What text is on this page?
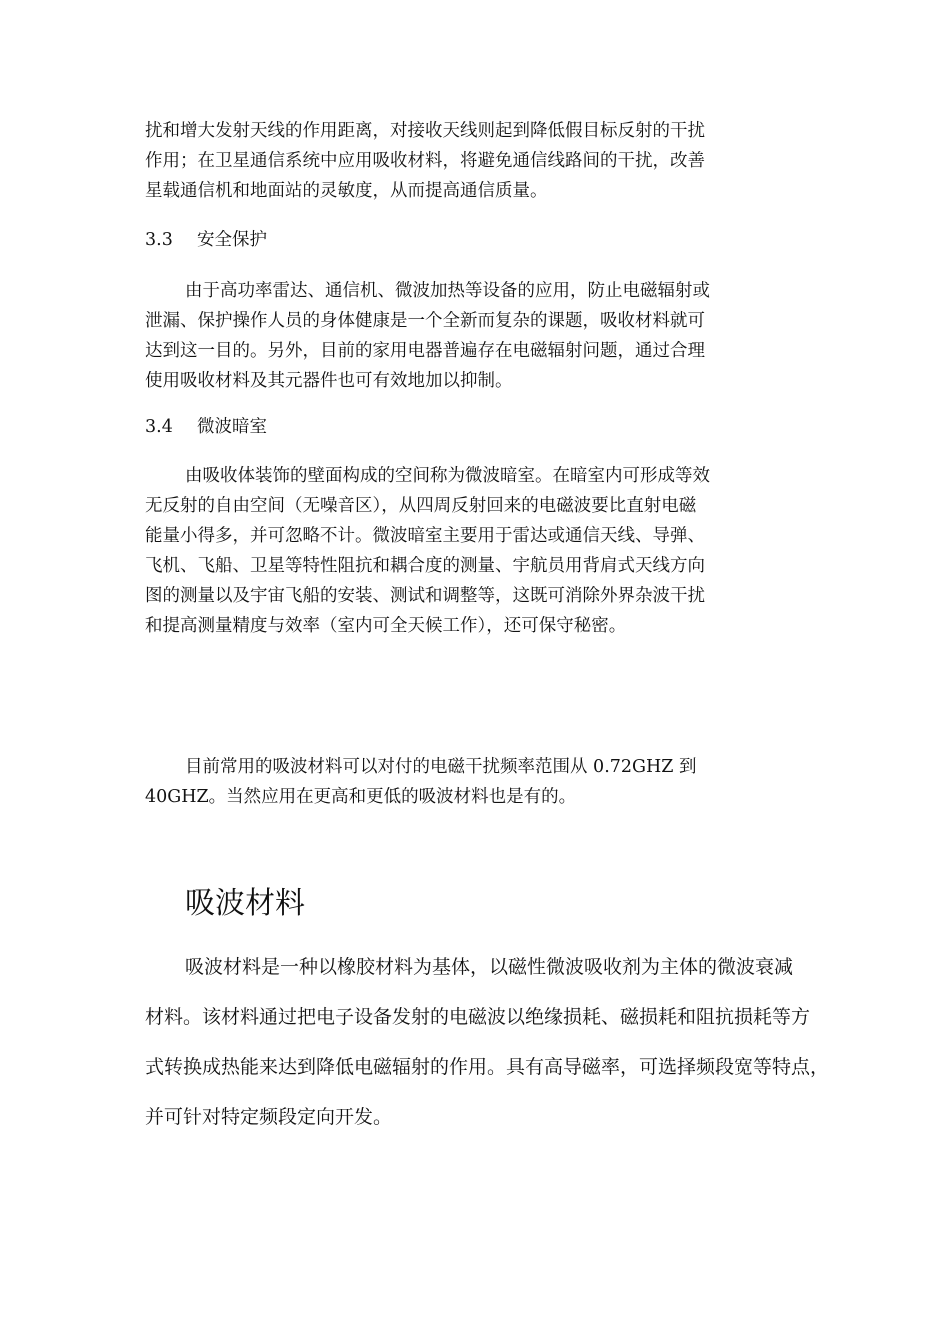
扰和增大发射天线的作用距离，对接收天线则起到降低假目标反射的干扰
作用；在卫星通信系统中应用吸收材料，将避免通信线路间的干扰，改善
星载通信机和地面站的灵敏度，从而提高通信质量。
3.3 安全保护
由于高功率雷达、通信机、微波加热等设备的应用，防止电磁辐射或
泄漏、保护操作人员的身体健康是一个全新而复杂的课题，吸收材料就可
达到这一目的。另外，目前的家用电器普遍存在电磁辐射问题，通过合理
使用吸收材料及其元器件也可有效地加以抑制。
3.4 微波暗室
由吸收体装饰的壁面构成的空间称为微波暗室。在暗室内可形成等效
无反射的自由空间（无噪音区），从四周反射回来的电磁波要比直射电磁
能量小得多，并可忽略不计。微波暗室主要用于雷达或通信天线、导弹、
飞机、飞船、卫星等特性阻抗和耦合度的测量、宇航员用背肩式天线方向
图的测量以及宇宙飞船的安装、测试和调整等，这既可消除外界杂波干扰
和提高测量精度与效率（室内可全天候工作），还可保守秘密。
目前常用的吸波材料可以对付的电磁干扰频率范围从 0.72GHZ 到
40GHZ。当然应用在更高和更低的吸波材料也是有的。
吸波材料
吸波材料是一种以橡胶材料为基体，以磁性微波吸收剂为主体的微波衰减
材料。该材料通过把电子设备发射的电磁波以绝缘损耗、磁损耗和阻抗损耗等方
式转换成热能来达到降低电磁辐射的作用。具有高导磁率，可选择频段宽等特点，
并可针对特定频段定向开发。
